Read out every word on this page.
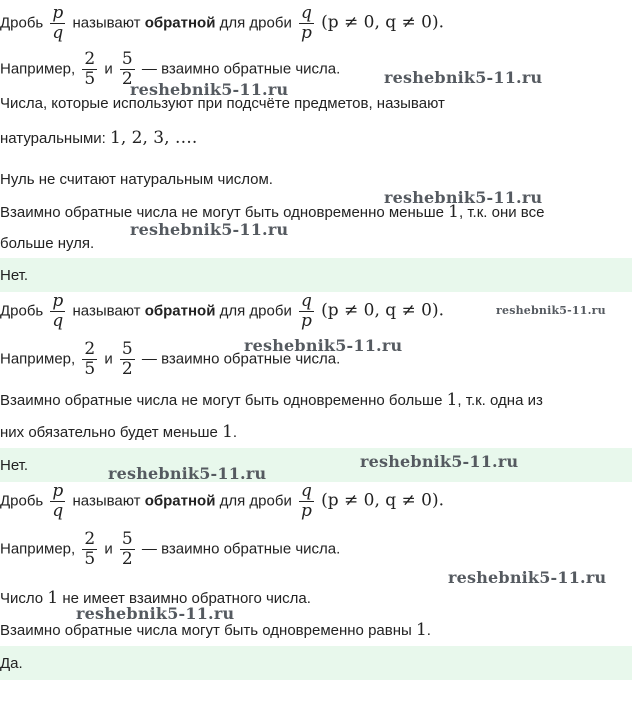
Дробь $\frac{p}{q}$ называют обратной для дроби $\frac{q}{p} (p \ne 0$, q ≠ 0).
Например, $\frac{2}{5}$ и $\frac{5}{2}$ — взаимно обратные числа.
Числа, которые используют при подсчёте предметов, называют
натуральными: 1, 2, 3, ….
Нуль не считают натуральным числом.
Взаимно обратные числа не могут быть одновременно меньше 1, т.к. они все
больше нуля.
Нет.
Дробь $\frac{p}{q}$ называют обратной для дроби $\frac{q}{p} (p \ne 0$, q ≠ 0).
Например, $\frac{2}{5}$ и $\frac{5}{2}$ — взаимно обратные числа.
Взаимно обратные числа не могут быть одновременно больше 1, т.к. одна из
них обязательно будет меньше 1.
Нет.
Дробь $\frac{p}{q}$ называют обратной для дроби $\frac{q}{p} (p \ne 0$, q ≠ 0).
Например, $\frac{2}{5}$ и $\frac{5}{2}$ — взаимно обратные числа.
Число 1 не имеет взаимно обратного числа.
Взаимно обратные числа могут быть одновременно равны 1.
Да.
reshebnik5-11.ru
reshebnik5-11.ru
reshebnik5-11.ru
reshebnik5-11.ru
reshebnik5-11.ru
reshebnik5-11.ru
reshebnik5-11.ru
reshebnik5-11.ru
reshebnik5-11.ru
reshebnik5-11.ru
